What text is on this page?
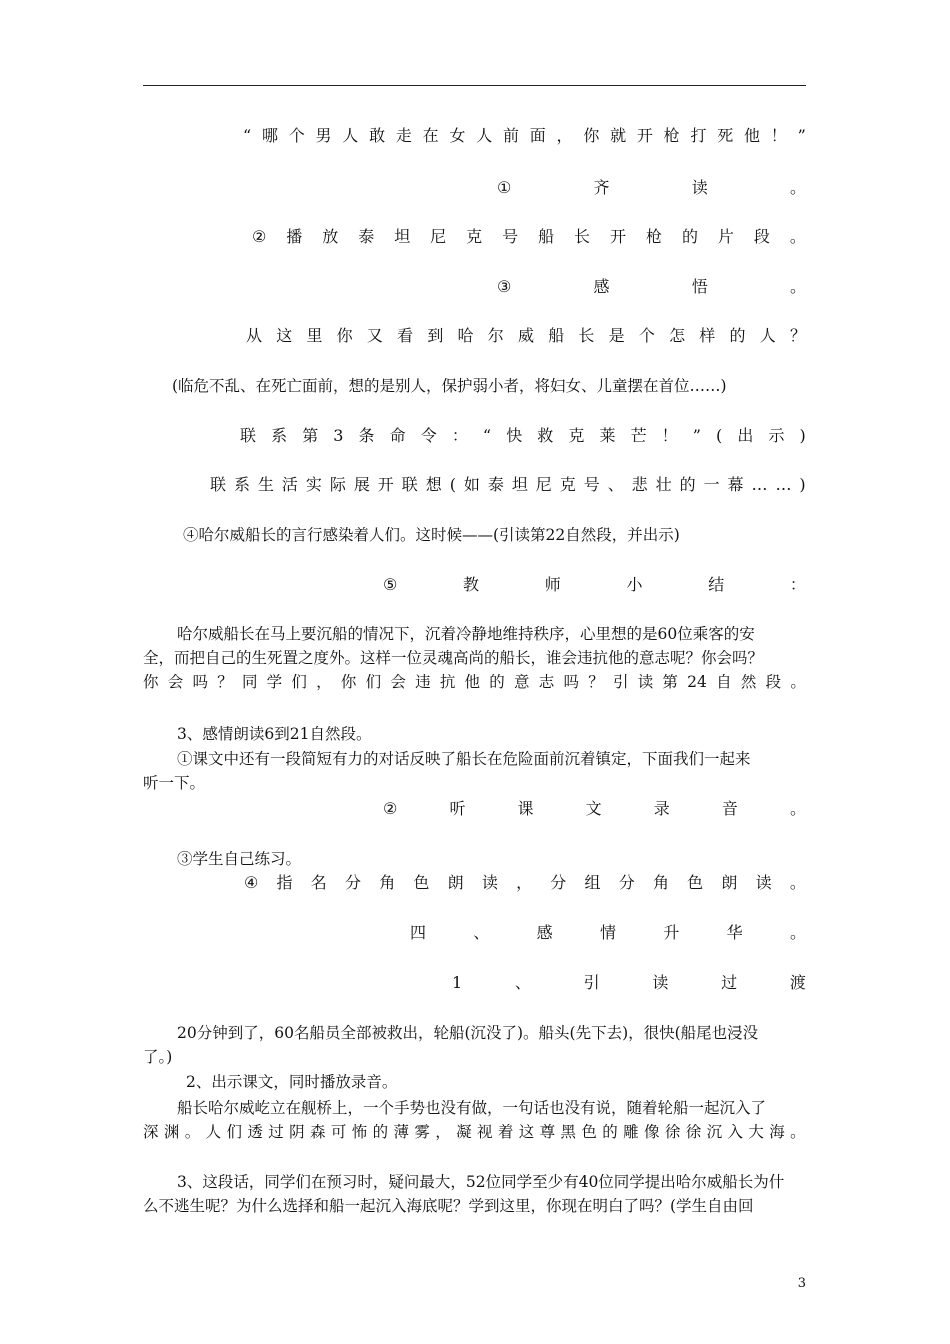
“ 哪 个 男 人 敢 走 在 女 人 前 面 ， 你 就 开 枪 打 死 他 ！ ”
①	齐	读	。
② 播 放 泰 坦 尼 克 号 船 长 开 枪 的 片 段 。
③	感	悟	。
从 这 里 你 又 看 到 哈 尔 威 船 长 是 个 怎 样 的 人 ？
(临危不乱、在死亡面前，想的是别人，保护弱小者，将妇女、儿童摆在首位……)
联 系 第 3 条 命 令 ： “ 快 救 克 莱 芒 ！ ” ( 出 示 )
联 系 生 活 实 际 展 开 联 想 ( 如 泰 坦 尼 克 号 、 悲 壮 的 一 幕 … … )
④哈尔威船长的言行感染着人们。这时候——(引读第22自然段，并出示)
⑤	教	师	小	结	：
哈尔威船长在马上要沉船的情况下，沉着冷静地维持秩序，心里想的是60位乘客的安
全，而把自己的生死置之度外。这样一位灵魂高尚的船长，谁会违抗他的意志呢？你会吗？
你 会 吗 ？ 同 学 们 ， 你 们 会 违 抗 他 的 意 志 吗 ？ 引 读 第 24 自 然 段 。
3、感情朗读6到21自然段。
①课文中还有一段简短有力的对话反映了船长在危险面前沉着镇定，下面我们一起来
听一下。
②	听	课	文	录	音	。
③学生自己练习。
④ 指 名 分 角 色 朗 读 ， 分 组 分 角 色 朗 读 。
四	、	感	情	升	华	。
1	、	引	读	过	渡
20分钟到了，60名船员全部被救出，轮船(沉没了)。船头(先下去)，很快(船尾也浸没
了。)
2、出示课文，同时播放录音。
船长哈尔威屹立在舰桥上，一个手势也没有做，一句话也没有说，随着轮船一起沉入了
深 渊 。 人 们 透 过 阴 森 可 怖 的 薄 雾 ， 凝 视 着 这 尊 黑 色 的 雕 像 徐 徐 沉 入 大 海 。
3、这段话，同学们在预习时，疑问最大，52位同学至少有40位同学提出哈尔威船长为什
么不逃生呢？为什么选择和船一起沉入海底呢？学到这里，你现在明白了吗？(学生自由回
3
